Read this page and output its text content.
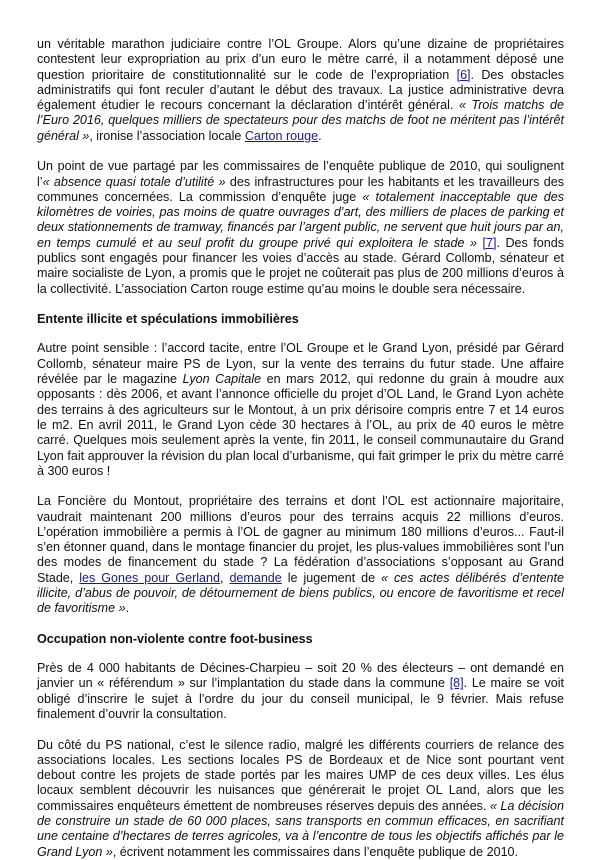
un véritable marathon judiciaire contre l’OL Groupe. Alors qu’une dizaine de propriétaires contestent leur expropriation au prix d’un euro le mètre carré, il a notamment déposé une question prioritaire de constitutionnalité sur le code de l’expropriation [6]. Des obstacles administratifs qui font reculer d’autant le début des travaux. La justice administrative devra également étudier le recours concernant la déclaration d’intérêt général. « Trois matchs de l’Euro 2016, quelques milliers de spectateurs pour des matchs de foot ne méritent pas l’intérêt général », ironise l’association locale Carton rouge.

Un point de vue partagé par les commissaires de l’enquête publique de 2010, qui soulignent l’« absence quasi totale d’utilité » des infrastructures pour les habitants et les travailleurs des communes concernées. La commission d’enquête juge « totalement inacceptable que des kilomètres de voiries, pas moins de quatre ouvrages d’art, des milliers de places de parking et deux stationnements de tramway, financés par l’argent public, ne servent que huit jours par an, en temps cumulé et au seul profit du groupe privé qui exploitera le stade » [7]. Des fonds publics sont engagés pour financer les voies d’accès au stade. Gérard Collomb, sénateur et maire socialiste de Lyon, a promis que le projet ne coûterait pas plus de 200 millions d’euros à la collectivité. L’association Carton rouge estime qu’au moins le double sera nécessaire.

Entente illicite et spéculations immobilières

Autre point sensible : l’accord tacite, entre l’OL Groupe et le Grand Lyon, présidé par Gérard Collomb, sénateur maire PS de Lyon, sur la vente des terrains du futur stade. Une affaire révélée par le magazine Lyon Capitale en mars 2012, qui redonne du grain à moudre aux opposants : dès 2006, et avant l’annonce officielle du projet d’OL Land, le Grand Lyon achète des terrains à des agriculteurs sur le Montout, à un prix dérisoire compris entre 7 et 14 euros le m2. En avril 2011, le Grand Lyon cède 30 hectares à l’OL, au prix de 40 euros le mètre carré. Quelques mois seulement après la vente, fin 2011, le conseil communautaire du Grand Lyon fait approuver la révision du plan local d’urbanisme, qui fait grimper le prix du mètre carré à 300 euros !

La Foncière du Montout, propriétaire des terrains et dont l’OL est actionnaire majoritaire, vaudrait maintenant 200 millions d’euros pour des terrains acquis 22 millions d’euros. L’opération immobilière a permis à l’OL de gagner au minimum 180 millions d’euros... Faut-il s’en étonner quand, dans le montage financier du projet, les plus-values immobilières sont l’un des modes de financement du stade ? La fédération d’associations s’opposant au Grand Stade, les Gones pour Gerland, demande le jugement de « ces actes délibérés d’entente illicite, d’abus de pouvoir, de détournement de biens publics, ou encore de favoritisme et recel de favoritisme ».

Occupation non-violente contre foot-business

Près de 4 000 habitants de Décines-Charpieu – soit 20 % des électeurs – ont demandé en janvier un « référendum » sur l’implantation du stade dans la commune [8]. Le maire se voit obligé d’inscrire le sujet à l’ordre du jour du conseil municipal, le 9 février. Mais refuse finalement d’ouvrir la consultation.

Du côté du PS national, c’est le silence radio, malgré les différents courriers de relance des associations locales. Les sections locales PS de Bordeaux et de Nice sont pourtant vent debout contre les projets de stade portés par les maires UMP de ces deux villes. Les élus locaux semblent découvrir les nuisances que générerait le projet OL Land, alors que les commissaires enquêteurs émettent de nombreuses réserves depuis des années. « La décision de construire un stade de 60 000 places, sans transports en commun efficaces, en sacrifiant une centaine d’hectares de terres agricoles, va à l’encontre de tous les objectifs affichés par le Grand Lyon », écrivent notamment les commissaires dans l’enquête publique de 2010.
